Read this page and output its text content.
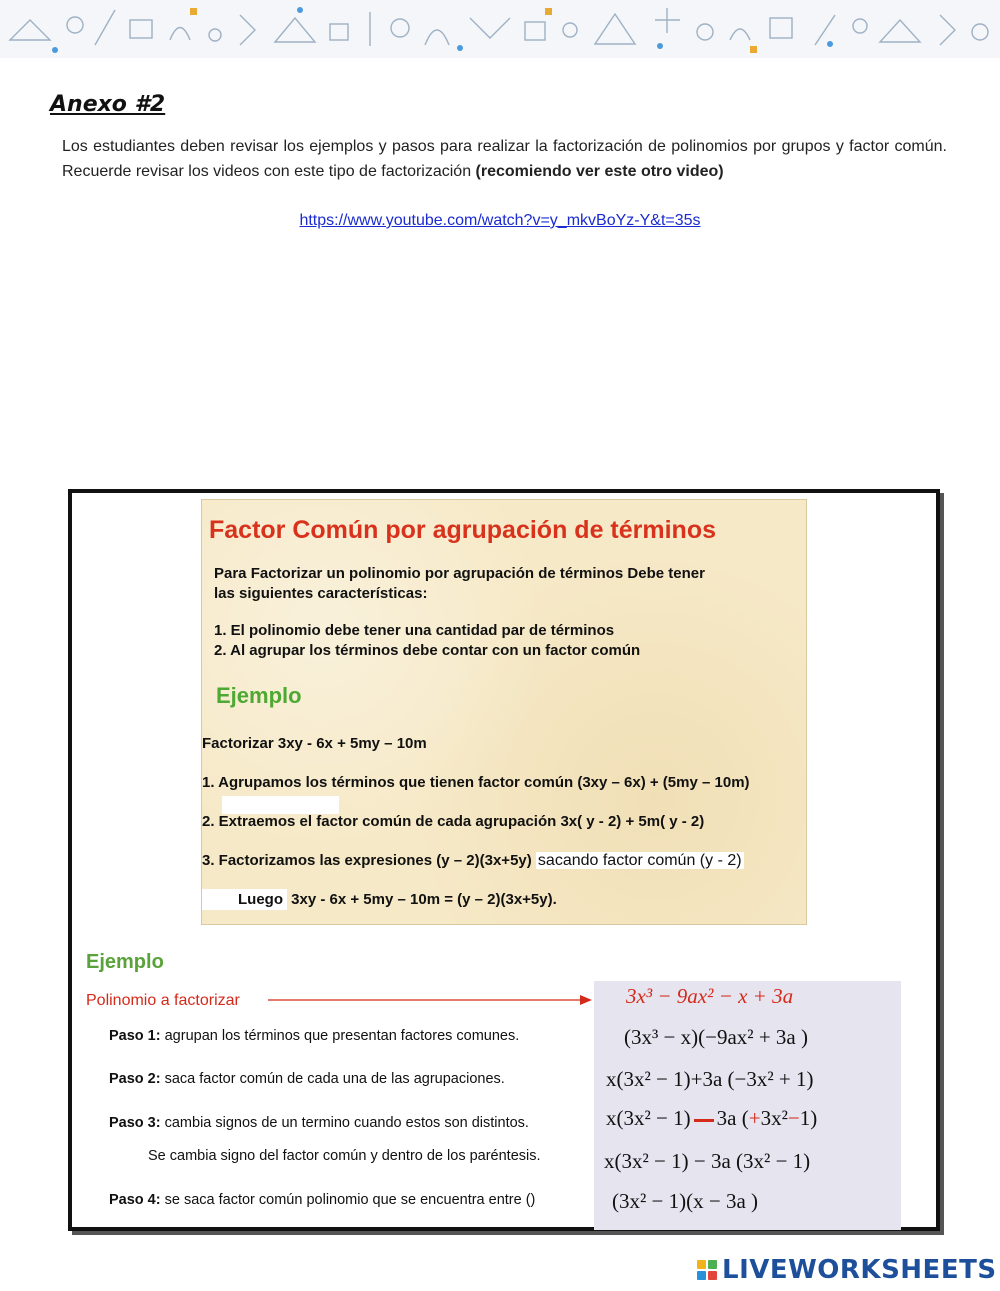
Anexo #2
Los estudiantes deben revisar los ejemplos y pasos para realizar la factorización de polinomios por grupos y factor común. Recuerde revisar los videos con este tipo de factorización (recomiendo ver este otro video)
https://www.youtube.com/watch?v=y_mkvBoYz-Y&t=35s
Factor Común por agrupación de términos
Para Factorizar un polinomio por agrupación de términos Debe tener
las siguientes características:
1. El polinomio debe tener una cantidad par de términos
2. Al agrupar los términos debe contar con un factor común
Ejemplo
Factorizar 3xy - 6x + 5my – 10m
1. Agrupamos los términos que tienen factor común (3xy – 6x) + (5my – 10m)
2. Extraemos el factor común de cada agrupación 3x( y - 2) + 5m( y - 2)
3. Factorizamos las expresiones (y – 2)(3x+5y) sacando factor común (y - 2)
Luego 3xy - 6x + 5my – 10m = (y – 2)(3x+5y).
Ejemplo
Polinomio a factorizar
Paso 1: agrupan los términos que presentan factores comunes.
Paso 2: saca factor común de cada una de las agrupaciones.
Paso 3: cambia signos de un termino cuando estos son distintos.
Se cambia signo del factor común y dentro de los paréntesis.
Paso 4: se saca factor común polinomio que se encuentra entre ()
3x³ − 9ax² − x + 3a
(3x³ − x)(−9ax² + 3a )
x(3x² − 1)+3a (−3x² + 1)
x(3x² − 1) 3a (+3x²−1)
x(3x² − 1) − 3a (3x² − 1)
(3x² − 1)(x − 3a )
LIVEWORKSHEETS
